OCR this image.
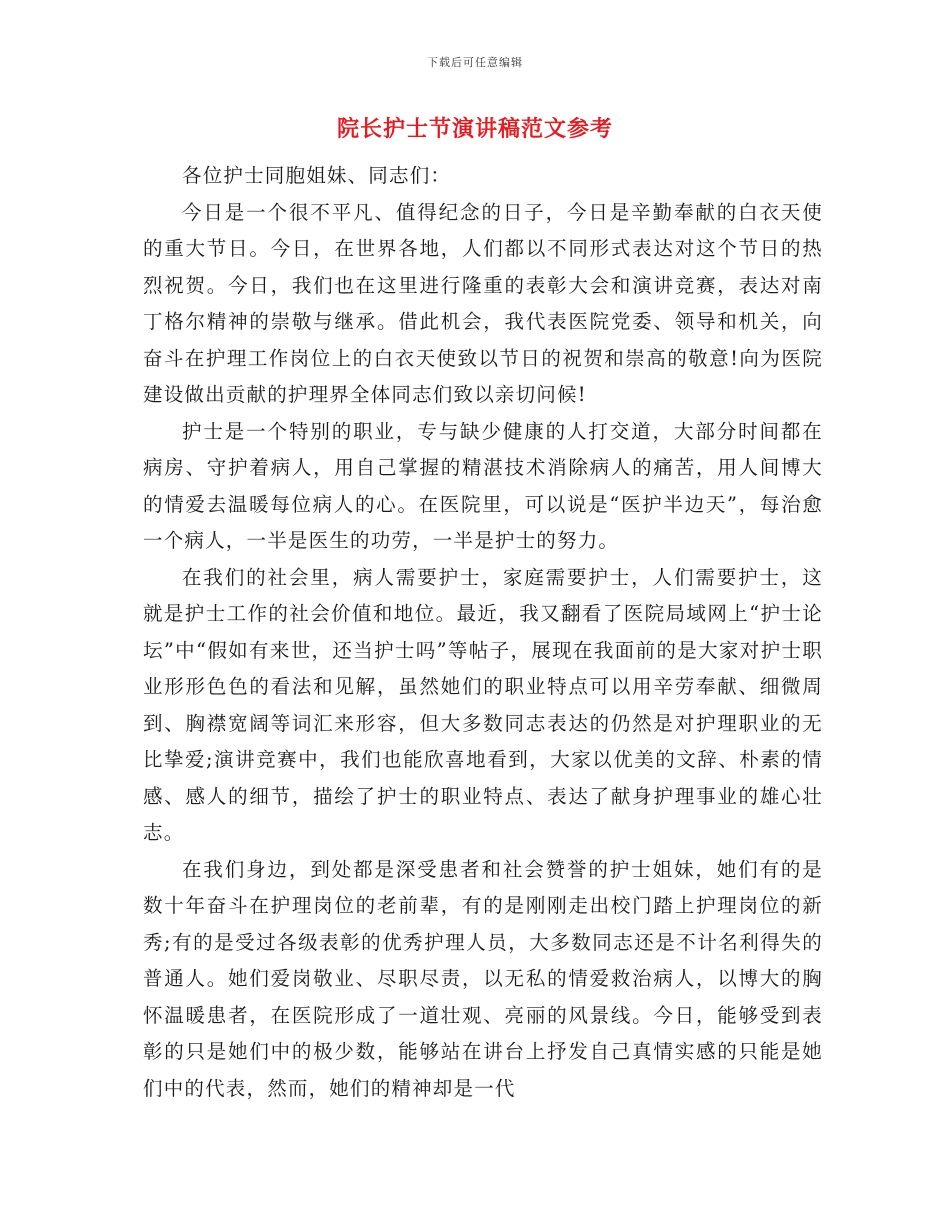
下载后可任意编辑
院长护士节演讲稿范文参考

各位护士同胞姐妹、同志们：

今日是一个很不平凡、值得纪念的日子，今日是辛勤奉献的白衣天使的重大节日。今日，在世界各地，人们都以不同形式表达对这个节日的热烈祝贺。今日，我们也在这里进行隆重的表彰大会和演讲竞赛，表达对南丁格尔精神的崇敬与继承。借此机会，我代表医院党委、领导和机关，向奋斗在护理工作岗位上的白衣天使致以节日的祝贺和崇高的敬意!向为医院建设做出贡献的护理界全体同志们致以亲切问候!

护士是一个特别的职业，专与缺少健康的人打交道，大部分时间都在病房、守护着病人，用自己掌握的精湛技术消除病人的痛苦，用人间博大的情爱去温暖每位病人的心。在医院里，可以说是“医护半边天”，每治愈一个病人，一半是医生的功劳，一半是护士的努力。

在我们的社会里，病人需要护士，家庭需要护士，人们需要护士，这就是护士工作的社会价值和地位。最近，我又翻看了医院局域网上“护士论坛”中“假如有来世，还当护士吗”等帖子，展现在我面前的是大家对护士职业形形色色的看法和见解，虽然她们的职业特点可以用辛劳奉献、细微周到、胸襟宽阔等词汇来形容，但大多数同志表达的仍然是对护理职业的无比挚爱;演讲竞赛中，我们也能欣喜地看到，大家以优美的文辞、朴素的情感、感人的细节，描绘了护士的职业特点、表达了献身护理事业的雄心壮志。

在我们身边，到处都是深受患者和社会赞誉的护士姐妹，她们有的是数十年奋斗在护理岗位的老前辈，有的是刚刚走出校门踏上护理岗位的新秀;有的是受过各级表彰的优秀护理人员，大多数同志还是不计名利得失的普通人。她们爱岗敬业、尽职尽责，以无私的情爱救治病人，以博大的胸怀温暖患者，在医院形成了一道壮观、亮丽的风景线。今日，能够受到表彰的只是她们中的极少数，能够站在讲台上抒发自己真情实感的只能是她们中的代表，然而，她们的精神却是一代
